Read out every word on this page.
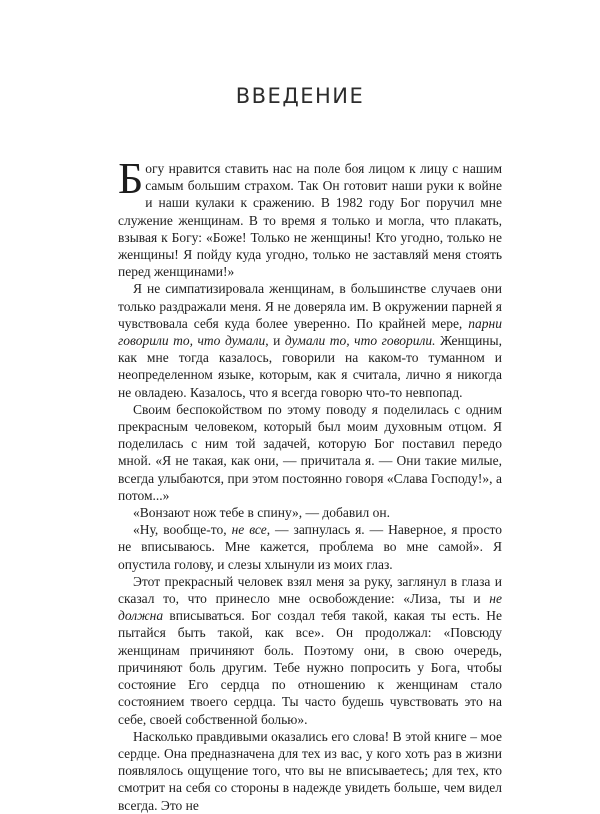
ВВЕДЕНИЕ

Богу нравится ставить нас на поле боя лицом к лицу с нашим самым большим страхом. Так Он готовит наши руки к войне и наши кулаки к сражению. В 1982 году Бог поручил мне служение женщинам. В то время я только и могла, что плакать, взывая к Богу: «Боже! Только не женщины! Кто угодно, только не женщины! Я пойду куда угодно, только не заставляй меня стоять перед женщинами!»

Я не симпатизировала женщинам, в большинстве случаев они только раздражали меня. Я не доверяла им. В окружении парней я чувствовала себя куда более уверенно. По крайней мере, парни говорили то, что думали, и думали то, что говорили. Женщины, как мне тогда казалось, говорили на каком-то туманном и неопределенном языке, которым, как я считала, лично я никогда не овладею. Казалось, что я всегда говорю что-то невпопад.

Своим беспокойством по этому поводу я поделилась с одним прекрасным человеком, который был моим духовным отцом. Я поделилась с ним той задачей, которую Бог поставил передо мной. «Я не такая, как они, — причитала я. — Они такие милые, всегда улыбаются, при этом постоянно говоря «Слава Господу!», а потом...»

«Вонзают нож тебе в спину», — добавил он.

«Ну, вообще-то, не все, — запнулась я. — Наверное, я просто не вписываюсь. Мне кажется, проблема во мне самой». Я опустила голову, и слезы хлынули из моих глаз.

Этот прекрасный человек взял меня за руку, заглянул в глаза и сказал то, что принесло мне освобождение: «Лиза, ты и не должна вписываться. Бог создал тебя такой, какая ты есть. Не пытайся быть такой, как все». Он продолжал: «Повсюду женщинам причиняют боль. Поэтому они, в свою очередь, причиняют боль другим. Тебе нужно попросить у Бога, чтобы состояние Его сердца по отношению к женщинам стало состоянием твоего сердца. Ты часто будешь чувствовать это на себе, своей собственной болью».

Насколько правдивыми оказались его слова! В этой книге – мое сердце. Она предназначена для тех из вас, у кого хоть раз в жизни появлялось ощущение того, что вы не вписываетесь; для тех, кто смотрит на себя со стороны в надежде увидеть больше, чем видел всегда. Это не
